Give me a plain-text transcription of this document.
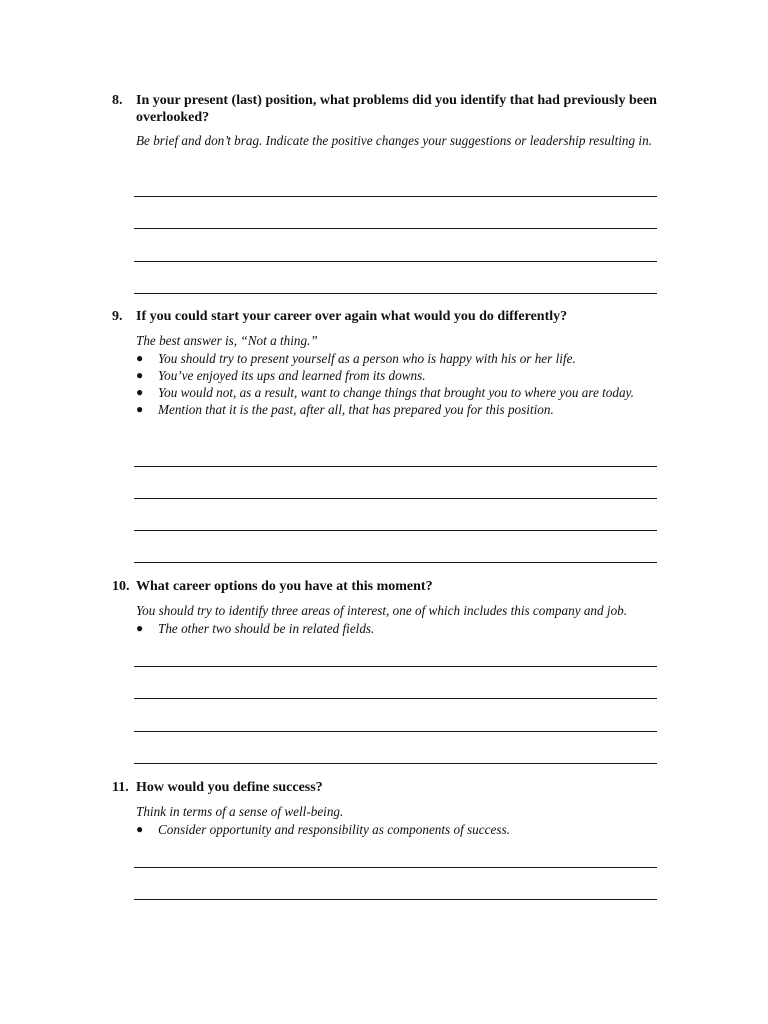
8. In your present (last) position, what problems did you identify that had previously been overlooked?
Be brief and don’t brag. Indicate the positive changes your suggestions or leadership resulting in.
9. If you could start your career over again what would you do differently?
The best answer is, “Not a thing.”
● You should try to present yourself as a person who is happy with his or her life.
● You’ve enjoyed its ups and learned from its downs.
● You would not, as a result, want to change things that brought you to where you are today.
● Mention that it is the past, after all, that has prepared you for this position.
10. What career options do you have at this moment?
You should try to identify three areas of interest, one of which includes this company and job.
● The other two should be in related fields.
11. How would you define success?
Think in terms of a sense of well-being.
● Consider opportunity and responsibility as components of success.
